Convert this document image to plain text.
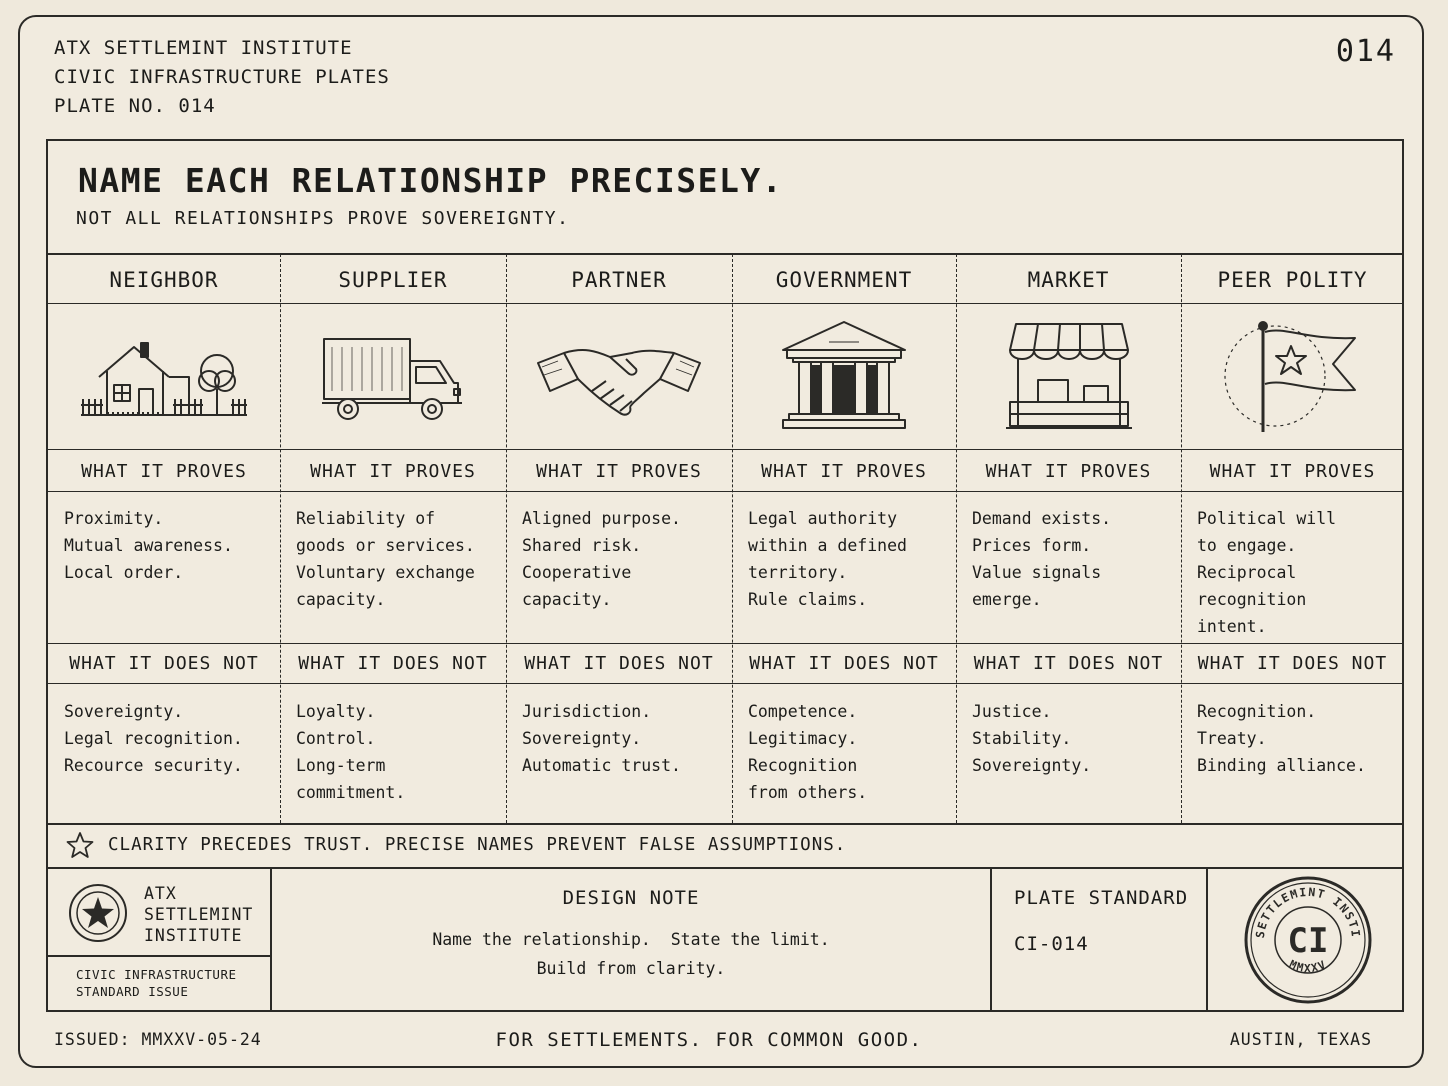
ATX SETTLEMINT INSTITUTE
CIVIC INFRASTRUCTURE PLATES
PLATE NO. 014
014
NAME EACH RELATIONSHIP PRECISELY.
NOT ALL RELATIONSHIPS PROVE SOVEREIGNTY.
NEIGHBOR
WHAT IT PROVES
Proximity.
Mutual awareness.
Local order.
WHAT IT DOES NOT
Sovereignty.
Legal recognition.
Recource security.
SUPPLIER
WHAT IT PROVES
Reliability of
goods or services.
Voluntary exchange
capacity.
WHAT IT DOES NOT
Loyalty.
Control.
Long-term
commitment.
PARTNER
WHAT IT PROVES
Aligned purpose.
Shared risk.
Cooperative
capacity.
WHAT IT DOES NOT
Jurisdiction.
Sovereignty.
Automatic trust.
GOVERNMENT
WHAT IT PROVES
Legal authority
within a defined
territory.
Rule claims.
WHAT IT DOES NOT
Competence.
Legitimacy.
Recognition
from others.
MARKET
WHAT IT PROVES
Demand exists.
Prices form.
Value signals
emerge.
WHAT IT DOES NOT
Justice.
Stability.
Sovereignty.
PEER POLITY
WHAT IT PROVES
Political will
to engage.
Reciprocal
recognition
intent.
WHAT IT DOES NOT
Recognition.
Treaty.
Binding alliance.
CLARITY PRECEDES TRUST. PRECISE NAMES PREVENT FALSE ASSUMPTIONS.
ATX
SETTLEMINT
INSTITUTE
CIVIC INFRASTRUCTURE
STANDARD ISSUE
DESIGN NOTE
Name the relationship.  State the limit.
Build from clarity.
PLATE STANDARD
CI-014
ATX SETTLEMINT INSTITUTE
MMXXV
CI
ISSUED: MMXXV-05-24	FOR SETTLEMENTS. FOR COMMON GOOD.	AUSTIN, TEXAS
